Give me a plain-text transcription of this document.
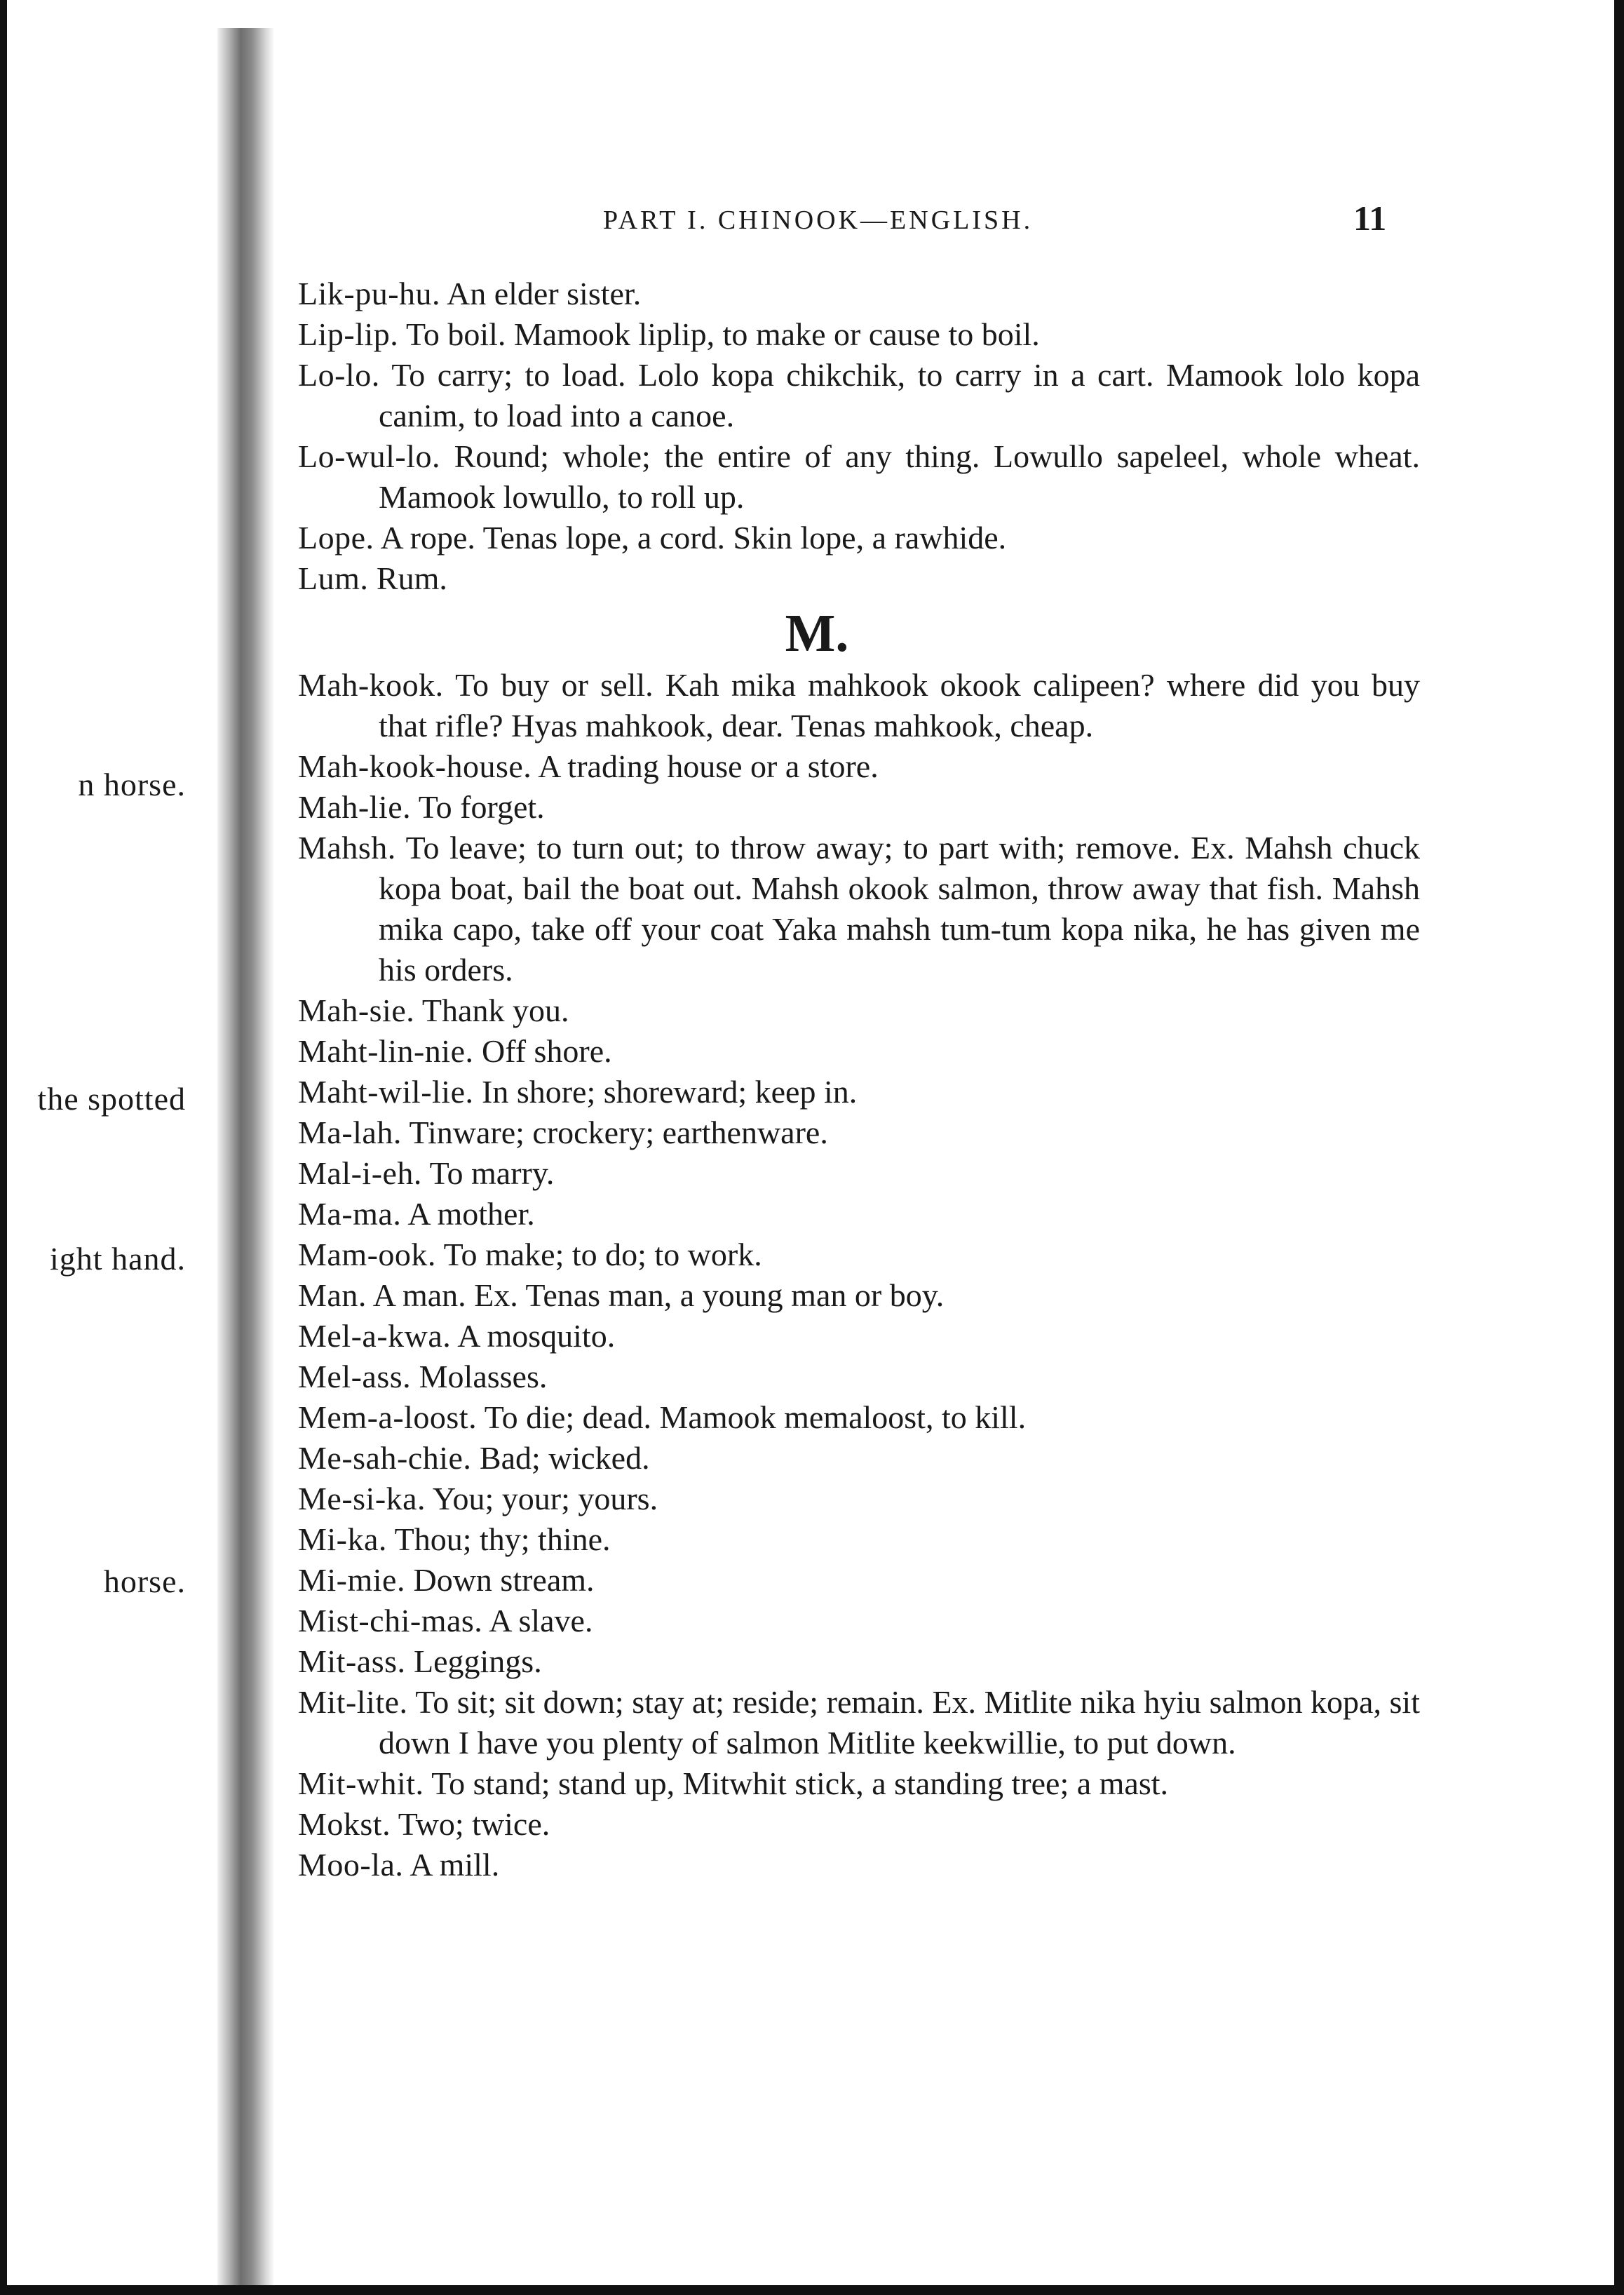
n horse.
the spotted
ight hand.
horse.
PART I. CHINOOK—ENGLISH.	11

Lik-pu-hu. An elder sister.

Lip-lip. To boil. Mamook liplip, to make or cause to boil.

Lo-lo. To carry; to load. Lolo kopa chikchik, to carry in a cart. Mamook lolo kopa canim, to load into a canoe.

Lo-wul-lo. Round; whole; the entire of any thing. Lowullo sapeleel, whole wheat. Mamook lowullo, to roll up.

Lope. A rope. Tenas lope, a cord. Skin lope, a rawhide.

Lum. Rum.

M.

Mah-kook. To buy or sell. Kah mika mahkook okook calipeen? where did you buy that rifle? Hyas mahkook, dear. Tenas mahkook, cheap.

Mah-kook-house. A trading house or a store.

Mah-lie. To forget.

Mahsh. To leave; to turn out; to throw away; to part with; remove. Ex. Mahsh chuck kopa boat, bail the boat out. Mahsh okook salmon, throw away that fish. Mahsh mika capo, take off your coat Yaka mahsh tum-tum kopa nika, he has given me his orders.

Mah-sie. Thank you.

Maht-lin-nie. Off shore.

Maht-wil-lie. In shore; shoreward; keep in.

Ma-lah. Tinware; crockery; earthenware.

Mal-i-eh. To marry.

Ma-ma. A mother.

Mam-ook. To make; to do; to work.

Man. A man. Ex. Tenas man, a young man or boy.

Mel-a-kwa. A mosquito.

Mel-ass. Molasses.

Mem-a-loost. To die; dead. Mamook memaloost, to kill.

Me-sah-chie. Bad; wicked.

Me-si-ka. You; your; yours.

Mi-ka. Thou; thy; thine.

Mi-mie. Down stream.

Mist-chi-mas. A slave.

Mit-ass. Leggings.

Mit-lite. To sit; sit down; stay at; reside; remain. Ex. Mitlite nika hyiu salmon kopa, sit down I have you plenty of salmon Mitlite keekwillie, to put down.

Mit-whit. To stand; stand up, Mitwhit stick, a standing tree; a mast.

Mokst. Two; twice.

Moo-la. A mill.
